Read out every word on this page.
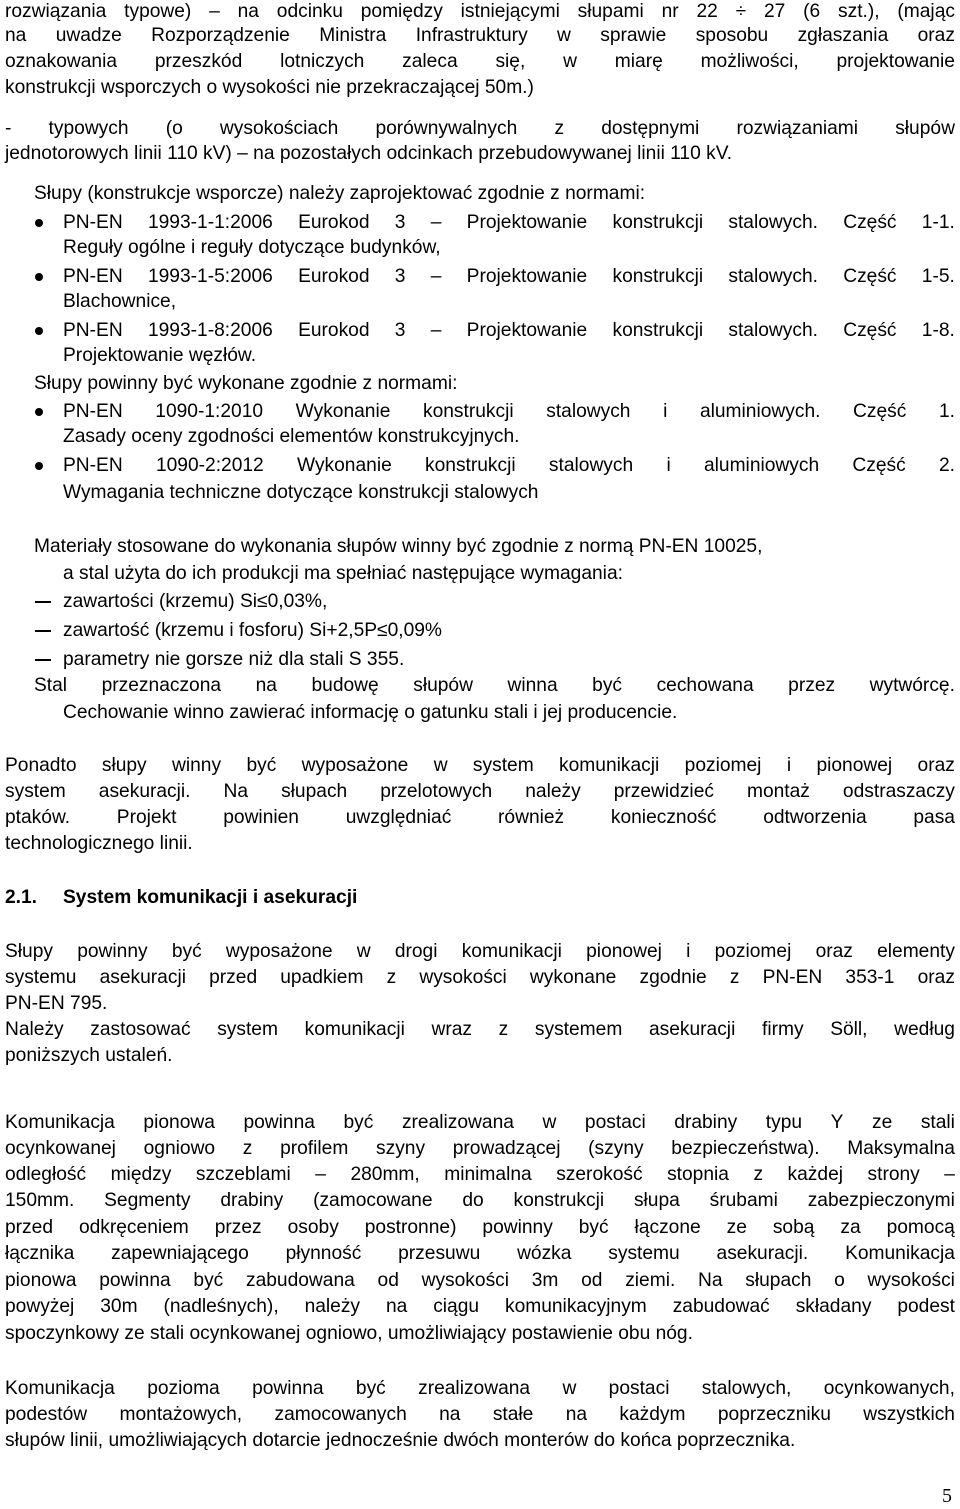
rozwiązania typowe) – na odcinku pomiędzy istniejącymi słupami nr 22 ÷ 27 (6 szt.), (mając
na uwadze Rozporządzenie Ministra Infrastruktury w sprawie sposobu zgłaszania oraz
oznakowania przeszkód lotniczych zaleca się, w miarę możliwości, projektowanie
konstrukcji wsporczych o wysokości nie przekraczającej 50m.)
- typowych (o wysokościach porównywalnych z dostępnymi rozwiązaniami słupów
jednotorowych linii 110 kV) – na pozostałych odcinkach przebudowywanej linii 110 kV.
Słupy (konstrukcje wsporcze) należy zaprojektować zgodnie z normami:
PN-EN 1993-1-1:2006 Eurokod 3 – Projektowanie konstrukcji stalowych. Część 1-1.
Reguły ogólne i reguły dotyczące budynków,
PN-EN 1993-1-5:2006 Eurokod 3 – Projektowanie konstrukcji stalowych. Część 1-5.
Blachownice,
PN-EN 1993-1-8:2006 Eurokod 3 – Projektowanie konstrukcji stalowych. Część 1-8.
Projektowanie węzłów.
Słupy powinny być wykonane zgodnie z normami:
PN-EN 1090-1:2010 Wykonanie konstrukcji stalowych i aluminiowych. Część 1.
Zasady oceny zgodności elementów konstrukcyjnych.
PN-EN 1090-2:2012 Wykonanie konstrukcji stalowych i aluminiowych Część 2.
Wymagania techniczne dotyczące konstrukcji stalowych
Materiały stosowane do wykonania słupów winny być zgodnie z normą PN-EN 10025,
a stal użyta do ich produkcji ma spełniać następujące wymagania:
zawartości (krzemu) Si≤0,03%,
zawartość (krzemu i fosforu) Si+2,5P≤0,09%
parametry nie gorsze niż dla stali S 355.
Stal przeznaczona na budowę słupów winna być cechowana przez wytwórcę.
Cechowanie winno zawierać informację o gatunku stali i jej producencie.
Ponadto słupy winny być wyposażone w system komunikacji poziomej i pionowej oraz
system asekuracji. Na słupach przelotowych należy przewidzieć montaż odstraszaczy
ptaków. Projekt powinien uwzględniać również konieczność odtworzenia pasa
technologicznego linii.
2.1. System komunikacji i asekuracji
Słupy powinny być wyposażone w drogi komunikacji pionowej i poziomej oraz elementy
systemu asekuracji przed upadkiem z wysokości wykonane zgodnie z PN-EN 353-1 oraz
PN-EN 795.
Należy zastosować system komunikacji wraz z systemem asekuracji firmy Söll, według
poniższych ustaleń.
Komunikacja pionowa powinna być zrealizowana w postaci drabiny typu Y ze stali
ocynkowanej ogniowo z profilem szyny prowadzącej (szyny bezpieczeństwa). Maksymalna
odległość między szczeblami – 280mm, minimalna szerokość stopnia z każdej strony –
150mm. Segmenty drabiny (zamocowane do konstrukcji słupa śrubami zabezpieczonymi
przed odkręceniem przez osoby postronne) powinny być łączone ze sobą za pomocą
łącznika zapewniającego płynność przesuwu wózka systemu asekuracji. Komunikacja
pionowa powinna być zabudowana od wysokości 3m od ziemi. Na słupach o wysokości
powyżej 30m (nadleśnych), należy na ciągu komunikacyjnym zabudować składany podest
spoczynkowy ze stali ocynkowanej ogniowo, umożliwiający postawienie obu nóg.
Komunikacja pozioma powinna być zrealizowana w postaci stalowych, ocynkowanych,
podestów montażowych, zamocowanych na stałe na każdym poprzeczniku wszystkich
słupów linii, umożliwiających dotarcie jednocześnie dwóch monterów do końca poprzecznika.
5
